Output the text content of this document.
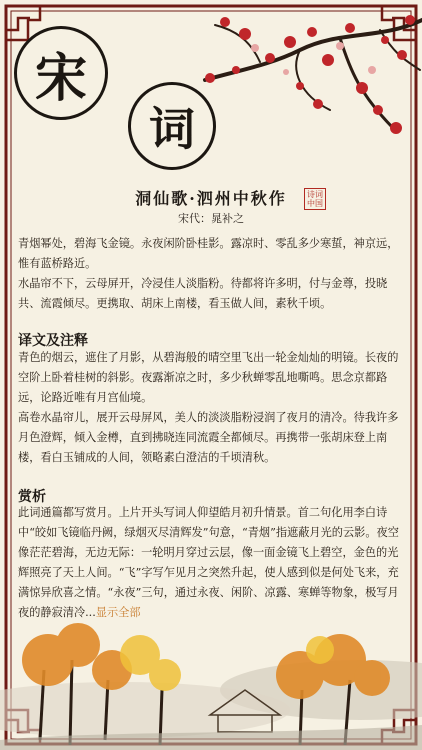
宋
词
洞仙歌·泗州中秋作	诗词中国
宋代：晁补之

青烟幂处，碧海飞金镜。永夜闲阶卧桂影。露凉时、零乱多少寒蜇，神京远，惟有蓝桥路近。

水晶帘不下，云母屏开，冷浸佳人淡脂粉。待都将许多明，付与金尊，投晓共、流霞倾尽。更携取、胡床上南楼，看玉做人间，素秋千顷。

译文及注释

青色的烟云，遮住了月影，从碧海般的晴空里飞出一轮金灿灿的明镜。长夜的空阶上卧着桂树的斜影。夜露渐凉之时，多少秋蝉零乱地嘶鸣。思念京都路远，论路近唯有月宫仙境。

高卷水晶帘儿，展开云母屏风，美人的淡淡脂粉浸润了夜月的清冷。待我许多月色澄辉，倾入金樽，直到拂晓连同流霞全都倾尽。再携带一张胡床登上南楼，看白玉铺成的人间，领略素白澄洁的千顷清秋。

赏析

此词通篇都写赏月。上片开头写词人仰望皓月初升情景。首二句化用李白诗中“皎如飞镜临丹阙，绿烟灭尽清辉发”句意，“青烟”指遮蔽月光的云影。夜空像茫茫碧海，无边无际：一轮明月穿过云层，像一面金镜飞上碧空，金色的光辉照亮了天上人间。“飞”字写乍见月之突然升起，使人感到似是何处飞来，充满惊异欣喜之情。“永夜”三句，通过永夜、闲阶、凉露、寒蝉等物象，极写月夜的静寂清冷...显示全部
